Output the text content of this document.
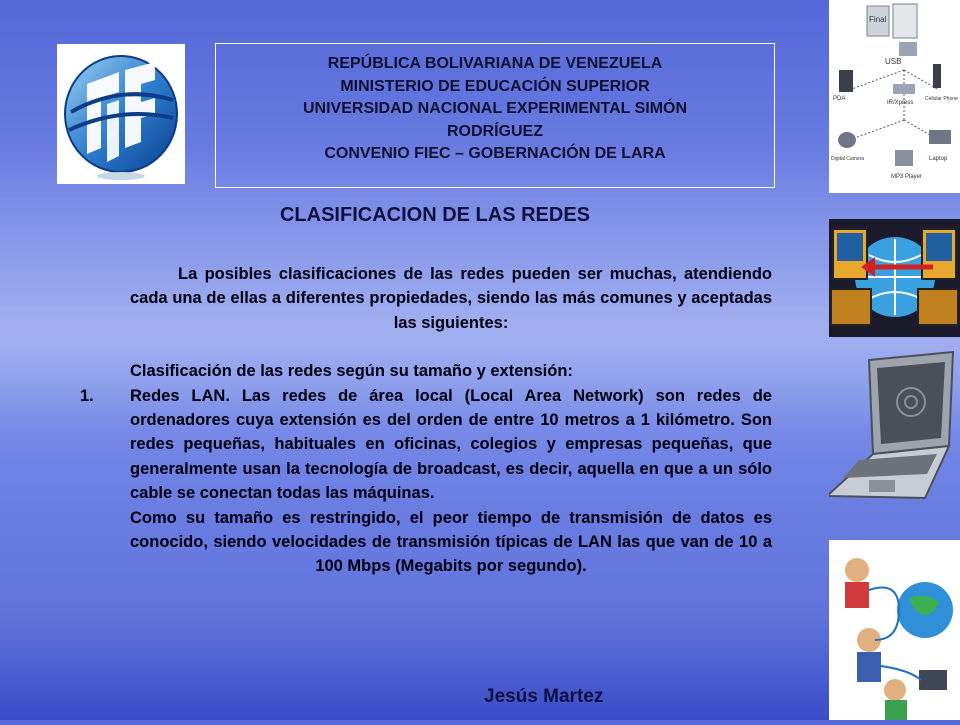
REPÚBLICA BOLIVARIANA DE VENEZUELA
MINISTERIO DE EDUCACIÓN SUPERIOR
UNIVERSIDAD NACIONAL EXPERIMENTAL SIMÓN
RODRÍGUEZ
CONVENIO FIEC – GOBERNACIÓN DE LARA
CLASIFICACION DE LAS REDES
La posibles clasificaciones de las redes pueden ser muchas, atendiendo cada una de ellas a diferentes propiedades, siendo las más comunes y aceptadas las siguientes:
Clasificación de las redes según su tamaño y extensión:
1. Redes LAN. Las redes de área local (Local Area Network) son redes de ordenadores cuya extensión es del orden de entre 10 metros a 1 kilómetro. Son redes pequeñas, habituales en oficinas, colegios y empresas pequeñas, que generalmente usan la tecnología de broadcast, es decir, aquella en que a un sólo cable se conectan todas las máquinas.
Como su tamaño es restringido, el peor tiempo de transmisión de datos es conocido, siendo velocidades de transmisión típicas de LAN las que van de 10 a 100 Mbps (Megabits por segundo).
Jesús Martez
Final
USB
PDA
IR/Xpress
Cellular Phone
Digital Camera	Laptop
MP3 Player
